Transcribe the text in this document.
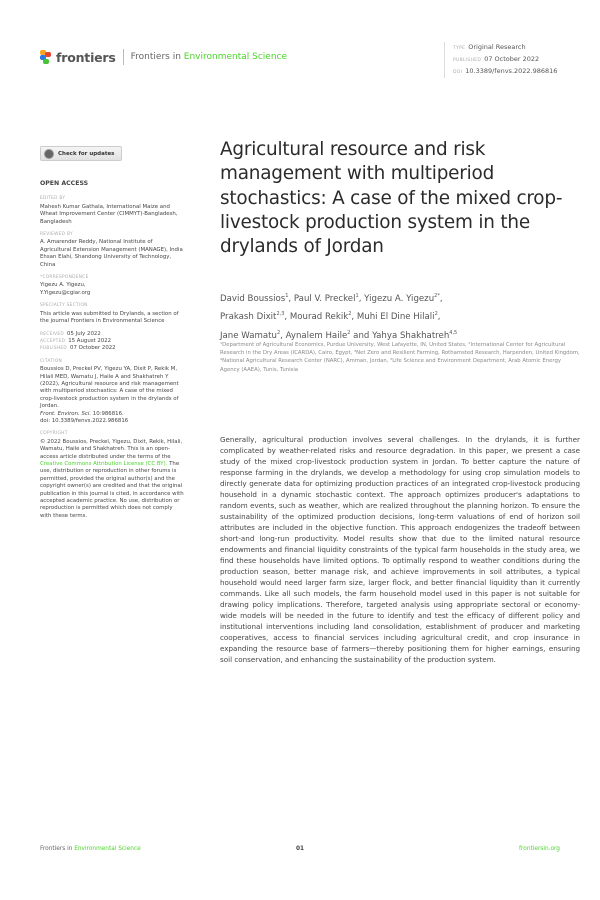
frontiers Frontiers in Environmental Science
TYPE Original Research
PUBLISHED 07 October 2022
DOI 10.3389/fenvs.2022.986816
Check for updates
OPEN ACCESS
EDITED BY
Mahesh Kumar Gathala, International Maize and Wheat Improvement Center (CIMMYT)-Bangladesh, Bangladesh
REVIEWED BY
A. Amarender Reddy, National Institute of Agricultural Extension Management (MANAGE), India
Ehsan Elahi, Shandong University of Technology, China
*CORRESPONDENCE
Yigezu A. Yigezu,
Y.Yigezu@cgiar.org
SPECIALTY SECTION
This article was submitted to Drylands, a section of the journal Frontiers in Environmental Science
RECEIVED 05 July 2022
ACCEPTED 15 August 2022
PUBLISHED 07 October 2022
CITATION
Boussios D, Preckel PV, Yigezu YA, Dixit P, Rekik M, Hilali MED, Wamatu J, Haile A and Shakhatreh Y (2022), Agricultural resource and risk management with multiperiod stochastics: A case of the mixed crop-livestock production system in the drylands of Jordan.
Front. Environ. Sci. 10:986816.
doi: 10.3389/fenvs.2022.986816
COPYRIGHT
© 2022 Boussios, Preckel, Yigezu, Dixit, Rekik, Hilali, Wamatu, Haile and Shakhatreh. This is an open-access article distributed under the terms of the Creative Commons Attribution License (CC BY). The use, distribution or reproduction in other forums is permitted, provided the original author(s) and the copyright owner(s) are credited and that the original publication in this journal is cited, in accordance with accepted academic practice. No use, distribution or reproduction is permitted which does not comply with these terms.
Agricultural resource and risk management with multiperiod stochastics: A case of the mixed crop-livestock production system in the drylands of Jordan
David Boussios$^1$, Paul V. Preckel$^1$, Yigezu A. Yigezu$^{2*}$,
Prakash Dixit$^{2,3}$, Mourad Rekik$^2$, Muhi El Dine Hilali$^2$,
Jane Wamatu$^2$, Aynalem Haile$^2$ and Yahya Shakhatreh$^{4,5}$
¹Department of Agricultural Economics, Purdue University, West Lafayette, IN, United States, ²International Center for Agricultural Research in the Dry Areas (ICARDA), Cairo, Egypt, ³Net Zero and Resilient Farming, Rothamsted Research, Harpenden, United Kingdom, ⁴National Agricultural Research Center (NARC), Amman, Jordan, ⁵Life Science and Environment Department, Arab Atomic Energy Agency (AAEA), Tunis, Tunisia
Generally, agricultural production involves several challenges. In the drylands, it is further complicated by weather-related risks and resource degradation. In this paper, we present a case study of the mixed crop-livestock production system in Jordan. To better capture the nature of response farming in the drylands, we develop a methodology for using crop simulation models to directly generate data for optimizing production practices of an integrated crop-livestock producing household in a dynamic stochastic context. The approach optimizes producer's adaptations to random events, such as weather, which are realized throughout the planning horizon. To ensure the sustainability of the optimized production decisions, long-term valuations of end of horizon soil attributes are included in the objective function. This approach endogenizes the tradeoff between short-and long-run productivity. Model results show that due to the limited natural resource endowments and financial liquidity constraints of the typical farm households in the study area, we find these households have limited options. To optimally respond to weather conditions during the production season, better manage risk, and achieve improvements in soil attributes, a typical household would need larger farm size, larger flock, and better financial liquidity than it currently commands. Like all such models, the farm household model used in this paper is not suitable for drawing policy implications. Therefore, targeted analysis using appropriate sectoral or economy-wide models will be needed in the future to identify and test the efficacy of different policy and institutional interventions including land consolidation, establishment of producer and marketing cooperatives, access to financial services including agricultural credit, and crop insurance in expanding the resource base of farmers—thereby positioning them for higher earnings, ensuring soil conservation, and enhancing the sustainability of the production system.
Frontiers in Environmental Science	01	frontiersin.org
